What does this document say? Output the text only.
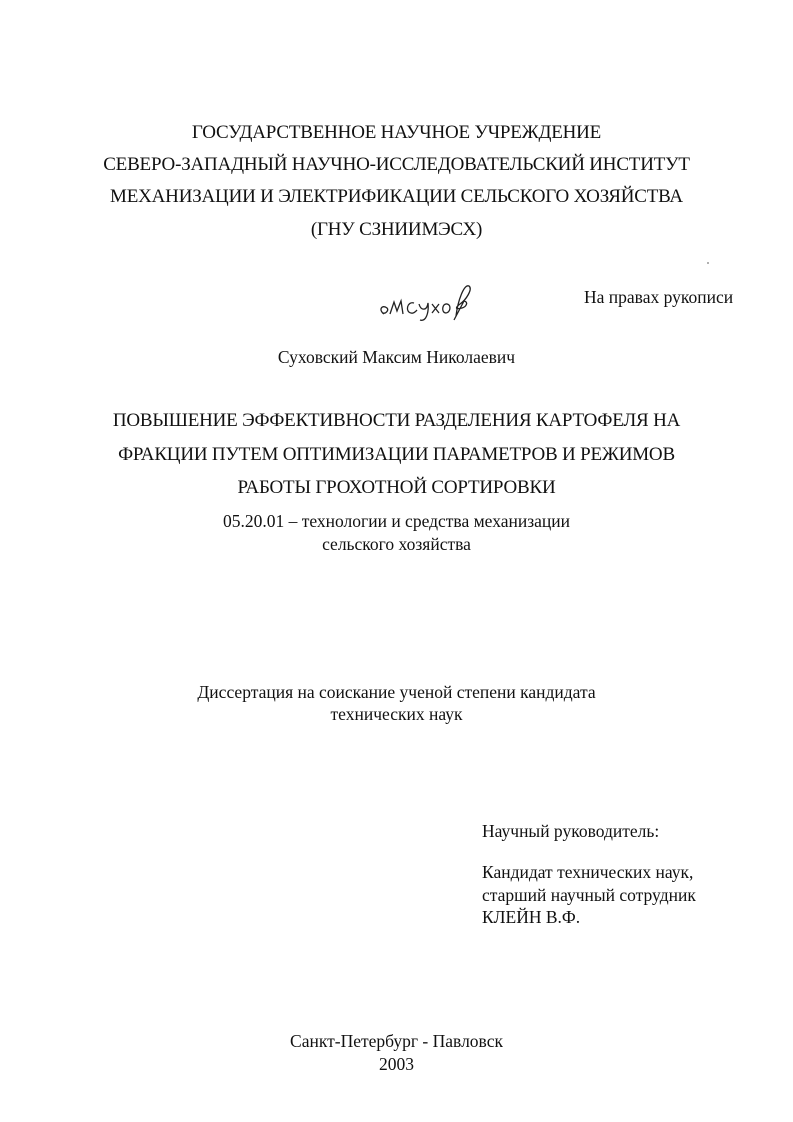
ГОСУДАРСТВЕННОЕ НАУЧНОЕ УЧРЕЖДЕНИЕ
СЕВЕРО-ЗАПАДНЫЙ НАУЧНО-ИССЛЕДОВАТЕЛЬСКИЙ ИНСТИТУТ
МЕХАНИЗАЦИИ И ЭЛЕКТРИФИКАЦИИ СЕЛЬСКОГО ХОЗЯЙСТВА
(ГНУ СЗНИИМЭСХ)
На правах рукописи
Суховский Максим Николаевич
ПОВЫШЕНИЕ ЭФФЕКТИВНОСТИ РАЗДЕЛЕНИЯ КАРТОФЕЛЯ НА
ФРАКЦИИ ПУТЕМ ОПТИМИЗАЦИИ ПАРАМЕТРОВ И РЕЖИМОВ
РАБОТЫ ГРОХОТНОЙ СОРТИРОВКИ
05.20.01 – технологии и средства механизации
сельского хозяйства
Диссертация на соискание ученой степени кандидата
технических наук
Научный руководитель:
Кандидат технических наук,
старший научный сотрудник
КЛЕЙН В.Ф.
Санкт-Петербург - Павловск
2003
